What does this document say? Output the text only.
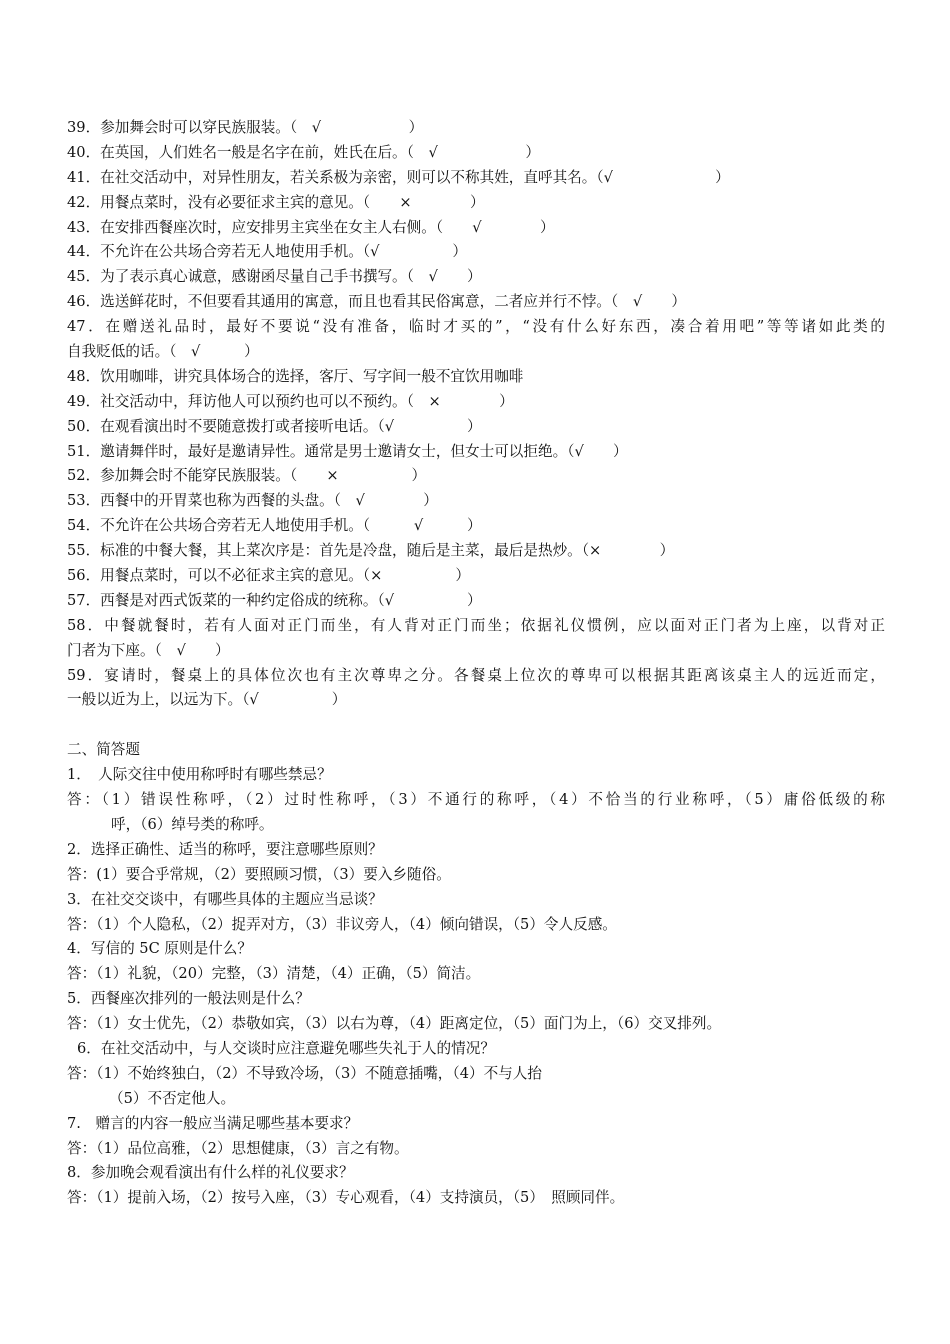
39．参加舞会时可以穿民族服装。（　√　　　　　　）
40．在英国，人们姓名一般是名字在前，姓氏在后。（　√　　　　　　）
41．在社交活动中，对异性朋友，若关系极为亲密，则可以不称其姓，直呼其名。（√　　　　　　　）
42．用餐点菜时，没有必要征求主宾的意见。（　　×　　　　）
43．在安排西餐座次时，应安排男主宾坐在女主人右侧。（　　√　　　　）
44．不允许在公共场合旁若无人地使用手机。（√　　　　　）
45．为了表示真心诚意，感谢函尽量自己手书撰写。（　√　　）
46．选送鲜花时，不但要看其通用的寓意，而且也看其民俗寓意，二者应并行不悖。（　√　　）
47．在赠送礼品时，最好不要说“没有准备，临时才买的”，“没有什么好东西，凑合着用吧”等等诸如此类的
自我贬低的话。（　√　　　）
48．饮用咖啡，讲究具体场合的选择，客厅、写字间一般不宜饮用咖啡
49．社交活动中，拜访他人可以预约也可以不预约。（　×　　　　）
50．在观看演出时不要随意拨打或者接听电话。（√　　　　　）
51．邀请舞伴时，最好是邀请异性。通常是男士邀请女士，但女士可以拒绝。（√　　）
52．参加舞会时不能穿民族服装。（　　×　　　　　）
53．西餐中的开胃菜也称为西餐的头盘。（　√　　　　）
54．不允许在公共场合旁若无人地使用手机。（　　　√　　　）
55．标准的中餐大餐，其上菜次序是：首先是冷盘，随后是主菜，最后是热炒。（×　　　　）
56．用餐点菜时，可以不必征求主宾的意见。（×　　　　　）
57．西餐是对西式饭菜的一种约定俗成的统称。（√　　　　　）
58．中餐就餐时，若有人面对正门而坐，有人背对正门而坐；依据礼仪惯例，应以面对正门者为上座，以背对正
门者为下座。（　√　　）
59．宴请时，餐桌上的具体位次也有主次尊卑之分。各餐桌上位次的尊卑可以根据其距离该桌主人的远近而定，
一般以近为上，以远为下。（√　　　　　）
二、简答题
1．　人际交往中使用称呼时有哪些禁忌？
答：（1）错误性称呼，（2）过时性称呼，（3）不通行的称呼，（4）不恰当的行业称呼，（5）庸俗低级的称
呼，（6）绰号类的称呼。
2．选择正确性、适当的称呼，要注意哪些原则？
答：(1）要合乎常规，（2）要照顾习惯，（3）要入乡随俗。
3．在社交交谈中，有哪些具体的主题应当忌谈？
答：（1）个人隐私，（2）捉弄对方，（3）非议旁人，（4）倾向错误，（5）令人反感。
4．写信的 5C 原则是什么？
答：（1）礼貌，（20）完整，（3）清楚，（4）正确，（5）简洁。
5．西餐座次排列的一般法则是什么？
答：（1）女士优先，（2）恭敬如宾，（3）以右为尊，（4）距离定位，（5）面门为上，（6）交叉排列。
6．在社交活动中，与人交谈时应注意避免哪些失礼于人的情况？
答：（1）不始终独白，（2）不导致冷场，（3）不随意插嘴，（4）不与人抬
（5）不否定他人。
7.　赠言的内容一般应当满足哪些基本要求？
答：（1）品位高雅，（2）思想健康，（3）言之有物。
8．参加晚会观看演出有什么样的礼仪要求？
答：（1）提前入场，（2）按号入座，（3）专心观看，（4）支持演员，（5）　照顾同伴。
